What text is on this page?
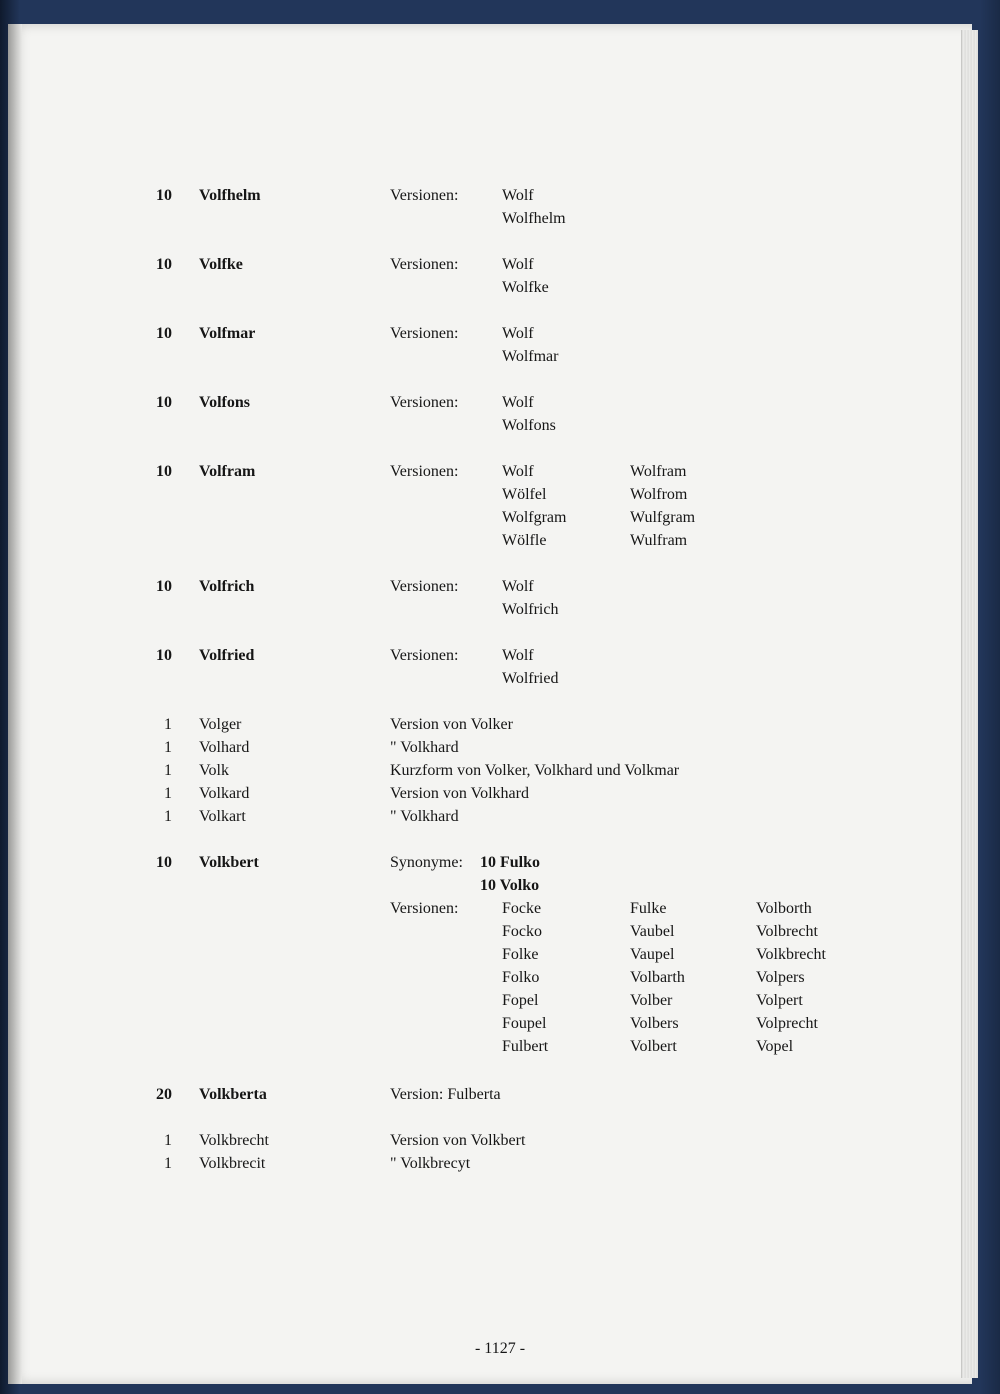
10 Volfhelm	Versionen:	Wolf
Wolfhelm
10 Volfke	Versionen:	Wolf
Wolfke
10 Volfmar	Versionen:	Wolf
Wolfmar
10 Volfons	Versionen:	Wolf
Wolfons
10 Volfram	Versionen:	Wolf	Wolfram
Wölfel	Wolfrom
Wolfgram	Wulfgram
Wölfle	Wulfram
10 Volfrich	Versionen:	Wolf
Wolfrich
10 Volfried	Versionen:	Wolf
Wolfried
1 Volger	Version von Volker
1 Volhard	" Volkhard
1 Volk	Kurzform von Volker, Volkhard und Volkmar
1 Volkard	Version von Volkhard
1 Volkart	" Volkhard
10 Volkbert	Synonyme: 10 Fulko
10 Volko
Versionen:	Focke	Fulke	Volborth
Focko	Vaubel	Volbrecht
Folke	Vaupel	Volkbrecht
Folko	Volbarth	Volpers
Fopel	Volber	Volpert
Foupel	Volbers	Volprecht
Fulbert	Volbert	Vopel
20 Volkberta	Version: Fulberta
1 Volkbrecht	Version von Volkbert
1 Volkbrecit	" Volkbrecyt
- 1127 -
